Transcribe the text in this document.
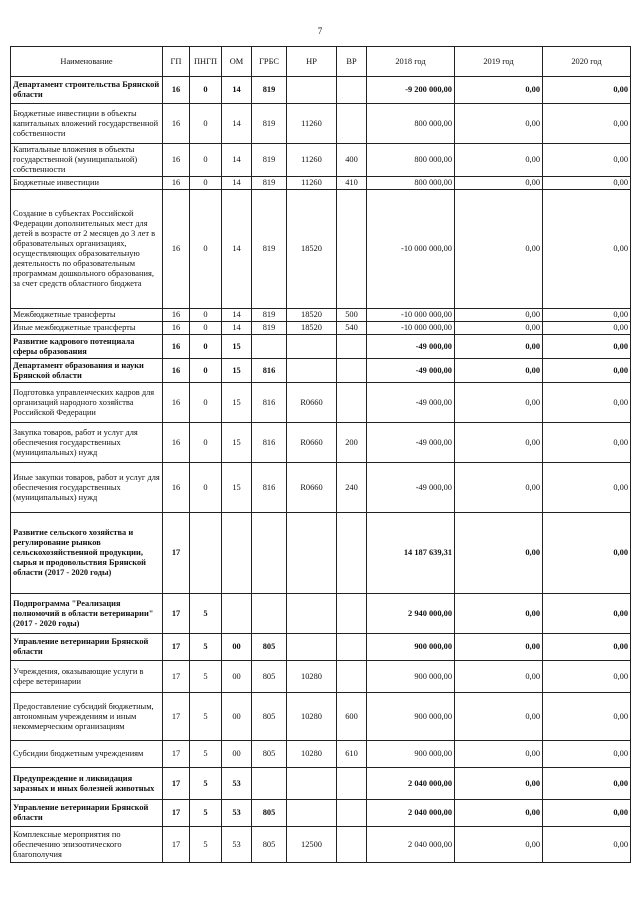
7
Наименование	ГП	ПНГП	ОМ	ГРБС	НР	ВР	2018 год	2019 год	2020 год
Департамент строительства Брянской области	16	0	14	819			-9 200 000,00	0,00	0,00
Бюджетные инвестиции в объекты капитальных вложений государственной собственности	16	0	14	819	11260		800 000,00	0,00	0,00
Капитальные вложения в объекты государственной (муниципальной) собственности	16	0	14	819	11260	400	800 000,00	0,00	0,00
Бюджетные инвестиции	16	0	14	819	11260	410	800 000,00	0,00	0,00
Создание в субъектах Российской Федерации дополнительных мест для детей в возрасте от 2 месяцев до 3 лет в образовательных организациях, осуществляющих образовательную деятельность по образовательным программам дошкольного образования, за счет средств областного бюджета	16	0	14	819	18520		-10 000 000,00	0,00	0,00
Межбюджетные трансферты	16	0	14	819	18520	500	-10 000 000,00	0,00	0,00
Иные межбюджетные трансферты	16	0	14	819	18520	540	-10 000 000,00	0,00	0,00
Развитие кадрового потенциала сферы образования	16	0	15				-49 000,00	0,00	0,00
Департамент образования и науки Брянской области	16	0	15	816			-49 000,00	0,00	0,00
Подготовка управленческих кадров для организаций народного хозяйства Российской Федерации	16	0	15	816	R0660		-49 000,00	0,00	0,00
Закупка товаров, работ и услуг для обеспечения государственных (муниципальных) нужд	16	0	15	816	R0660	200	-49 000,00	0,00	0,00
Иные закупки товаров, работ и услуг для обеспечения государственных (муниципальных) нужд	16	0	15	816	R0660	240	-49 000,00	0,00	0,00
Развитие сельского хозяйства и регулирование рынков сельскохозяйственной продукции, сырья и продовольствия Брянской области (2017 - 2020 годы)	17						14 187 639,31	0,00	0,00
Подпрограмма "Реализация полномочий в области ветеринарии" (2017 - 2020 годы)	17	5					2 940 000,00	0,00	0,00
Управление ветеринарии Брянской области	17	5	00	805			900 000,00	0,00	0,00
Учреждения, оказывающие услуги в сфере ветеринарии	17	5	00	805	10280		900 000,00	0,00	0,00
Предоставление субсидий бюджетным, автономным учреждениям и иным некоммерческим организациям	17	5	00	805	10280	600	900 000,00	0,00	0,00
Субсидии бюджетным учреждениям	17	5	00	805	10280	610	900 000,00	0,00	0,00
Предупреждение и ликвидация заразных и иных болезней животных	17	5	53				2 040 000,00	0,00	0,00
Управление ветеринарии Брянской области	17	5	53	805			2 040 000,00	0,00	0,00
Комплексные мероприятия по обеспечению эпизоотического благополучия	17	5	53	805	12500		2 040 000,00	0,00	0,00
